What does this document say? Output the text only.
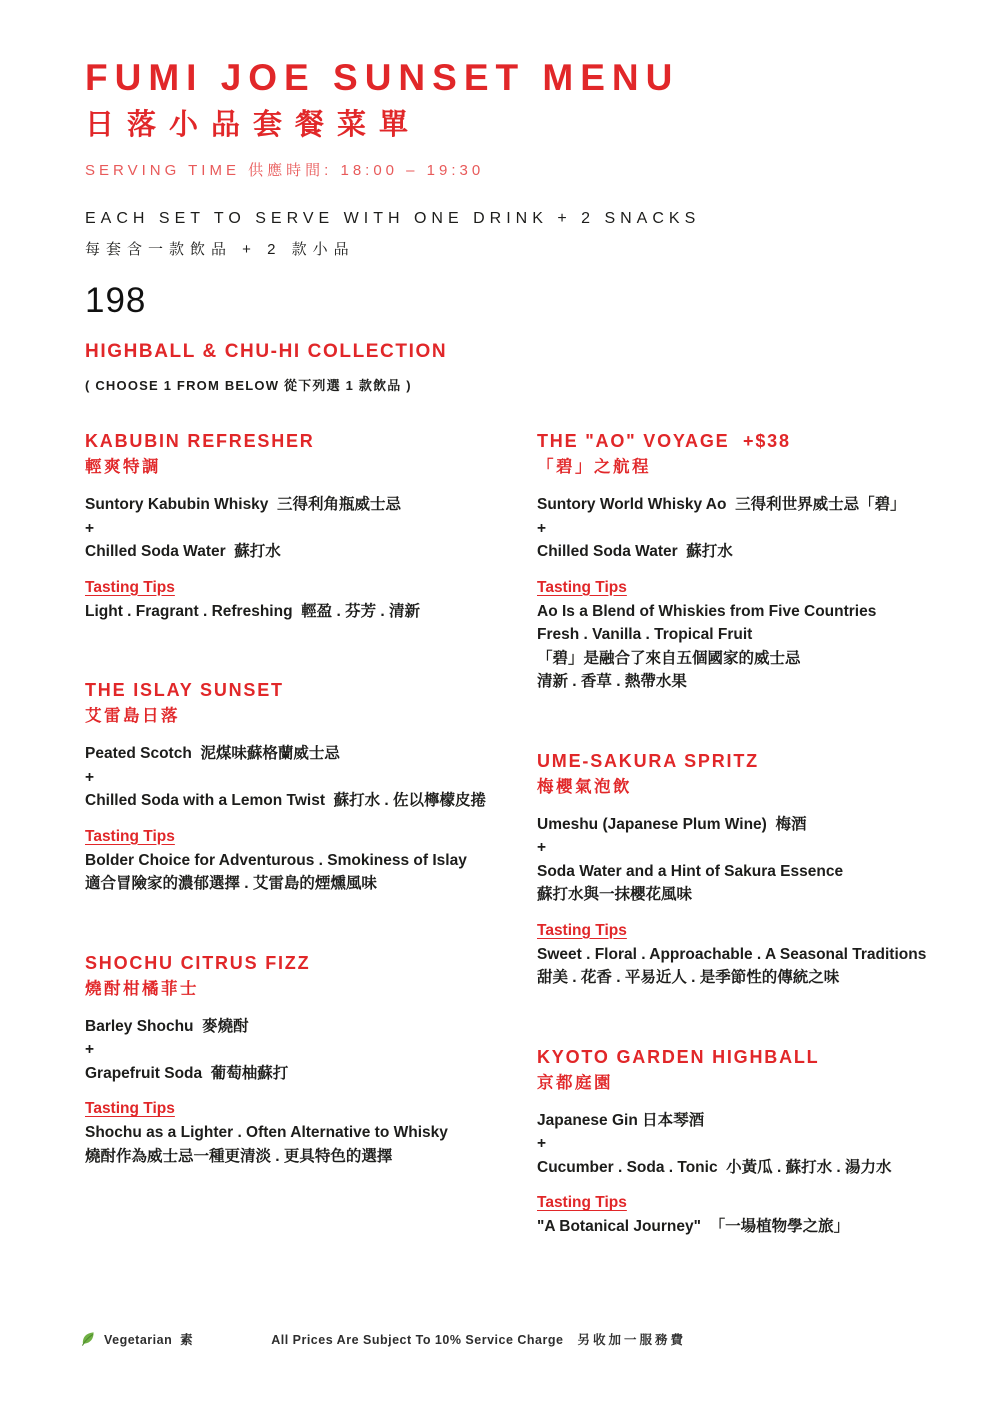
FUMI JOE SUNSET MENU
日落小品套餐菜單
SERVING TIME 供應時間: 18:00 – 19:30
EACH SET TO SERVE WITH ONE DRINK + 2 SNACKS
每套含一款飲品 + 2 款小品
198
HIGHBALL & CHU-HI COLLECTION
( CHOOSE 1 FROM BELOW 從下列選 1 款飲品 )
KABUBIN REFRESHER
輕爽特調
Suntory Kabubin Whisky  三得利角瓶威士忌
+
Chilled Soda Water  蘇打水
Tasting Tips
Light . Fragrant . Refreshing  輕盈 . 芬芳 . 清新
THE ISLAY SUNSET
艾雷島日落
Peated Scotch  泥煤味蘇格蘭威士忌
+
Chilled Soda with a Lemon Twist  蘇打水 . 佐以檸檬皮捲
Tasting Tips
Bolder Choice for Adventurous . Smokiness of Islay
適合冒險家的濃郁選擇 . 艾雷島的煙燻風味
SHOCHU CITRUS FIZZ
燒酎柑橘菲士
Barley Shochu  麥燒酎
+
Grapefruit Soda  葡萄柚蘇打
Tasting Tips
Shochu as a Lighter . Often Alternative to Whisky
燒酎作為威士忌一種更清淡 . 更具特色的選擇
THE "AO" VOYAGE  +$38
「碧」之航程
Suntory World Whisky Ao  三得利世界威士忌「碧」
+
Chilled Soda Water  蘇打水
Tasting Tips
Ao Is a Blend of Whiskies from Five Countries
Fresh . Vanilla . Tropical Fruit
「碧」是融合了來自五個國家的威士忌
清新 . 香草 . 熱帶水果
UME-SAKURA SPRITZ
梅櫻氣泡飲
Umeshu (Japanese Plum Wine)  梅酒
+
Soda Water and a Hint of Sakura Essence
蘇打水與一抹櫻花風味
Tasting Tips
Sweet . Floral . Approachable . A Seasonal Traditions
甜美 . 花香 . 平易近人 . 是季節性的傳統之味
KYOTO GARDEN HIGHBALL
京都庭園
Japanese Gin 日本琴酒
+
Cucumber . Soda . Tonic  小黃瓜 . 蘇打水 . 湯力水
Tasting Tips
"A Botanical Journey"  「一場植物學之旅」
Vegetarian  素	All Prices Are Subject To 10% Service Charge 另收加一服務費
